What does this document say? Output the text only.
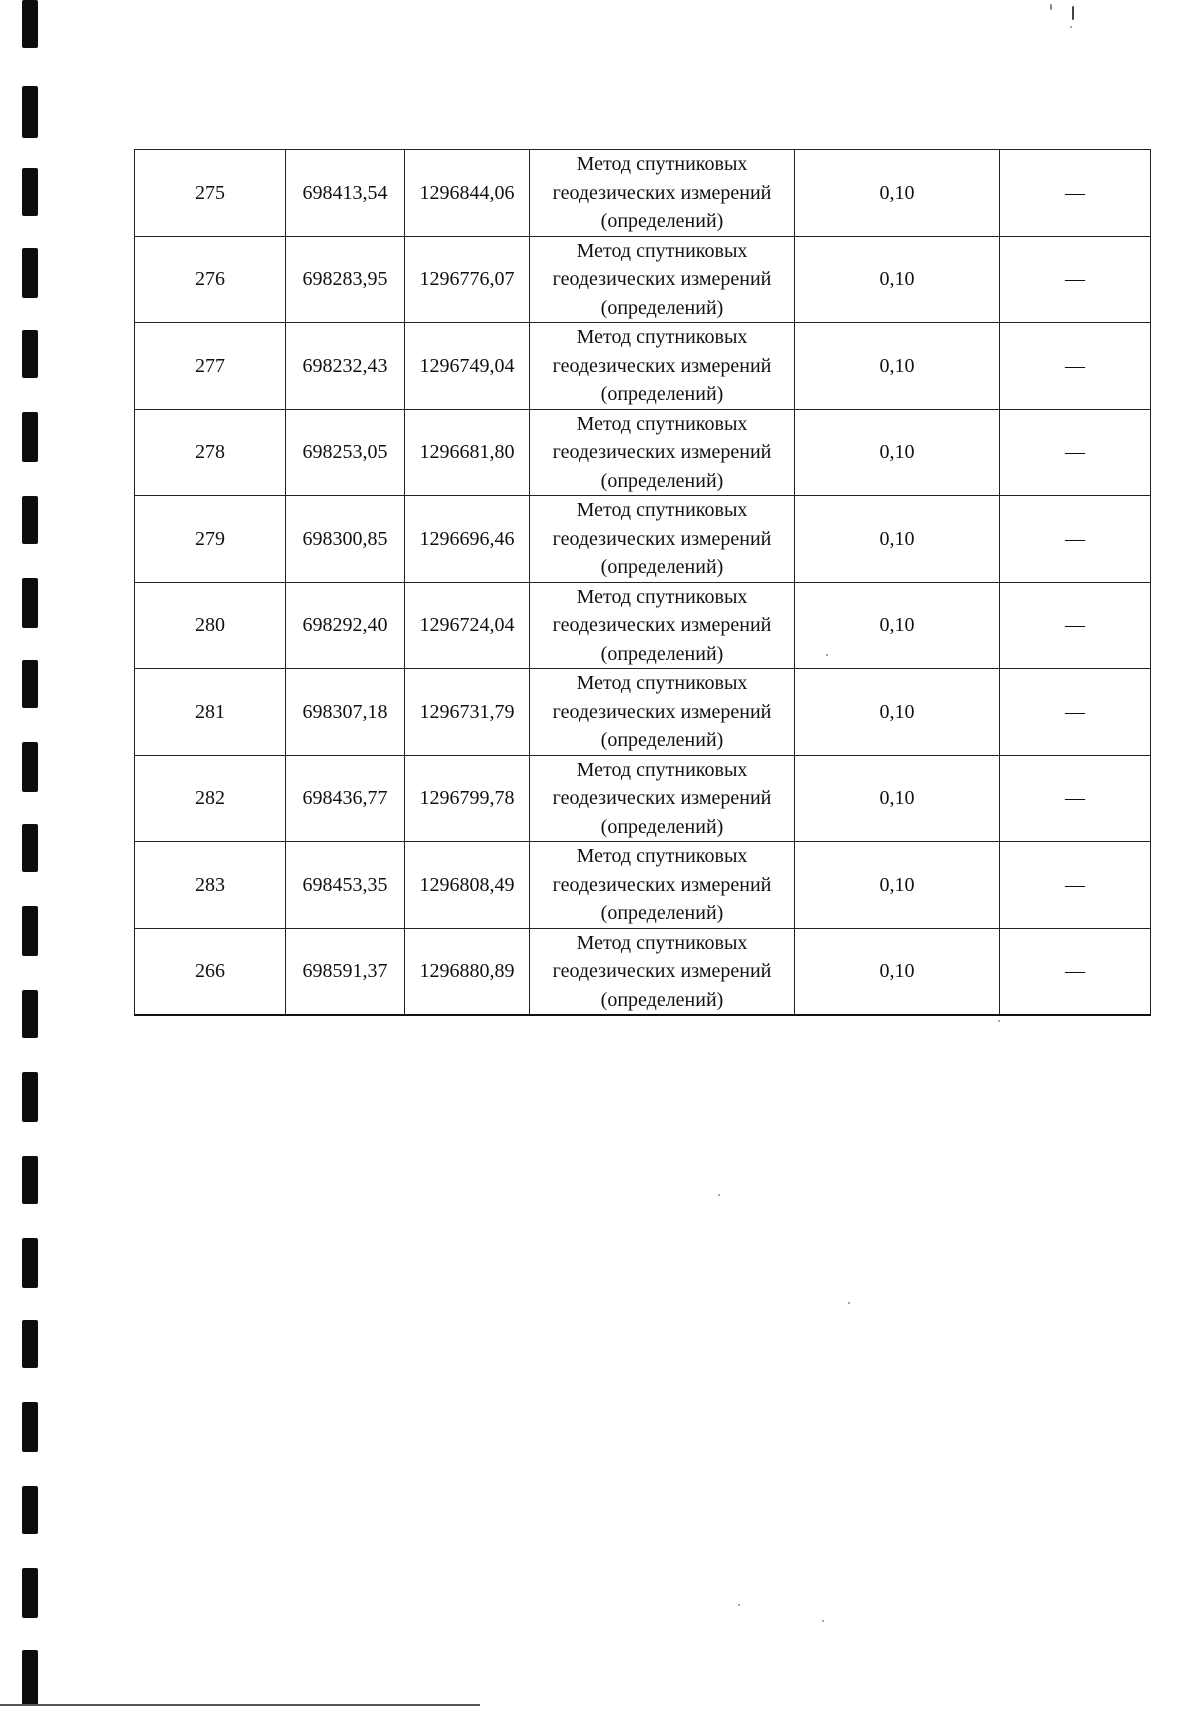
275	698413,54	1296844,06	Метод спутниковых геодезических измерений (определений)	0,10	—
276	698283,95	1296776,07	Метод спутниковых геодезических измерений (определений)	0,10	—
277	698232,43	1296749,04	Метод спутниковых геодезических измерений (определений)	0,10	—
278	698253,05	1296681,80	Метод спутниковых геодезических измерений (определений)	0,10	—
279	698300,85	1296696,46	Метод спутниковых геодезических измерений (определений)	0,10	—
280	698292,40	1296724,04	Метод спутниковых геодезических измерений (определений)	0,10	—
281	698307,18	1296731,79	Метод спутниковых геодезических измерений (определений)	0,10	—
282	698436,77	1296799,78	Метод спутниковых геодезических измерений (определений)	0,10	—
283	698453,35	1296808,49	Метод спутниковых геодезических измерений (определений)	0,10	—
266	698591,37	1296880,89	Метод спутниковых геодезических измерений (определений)	0,10	—
